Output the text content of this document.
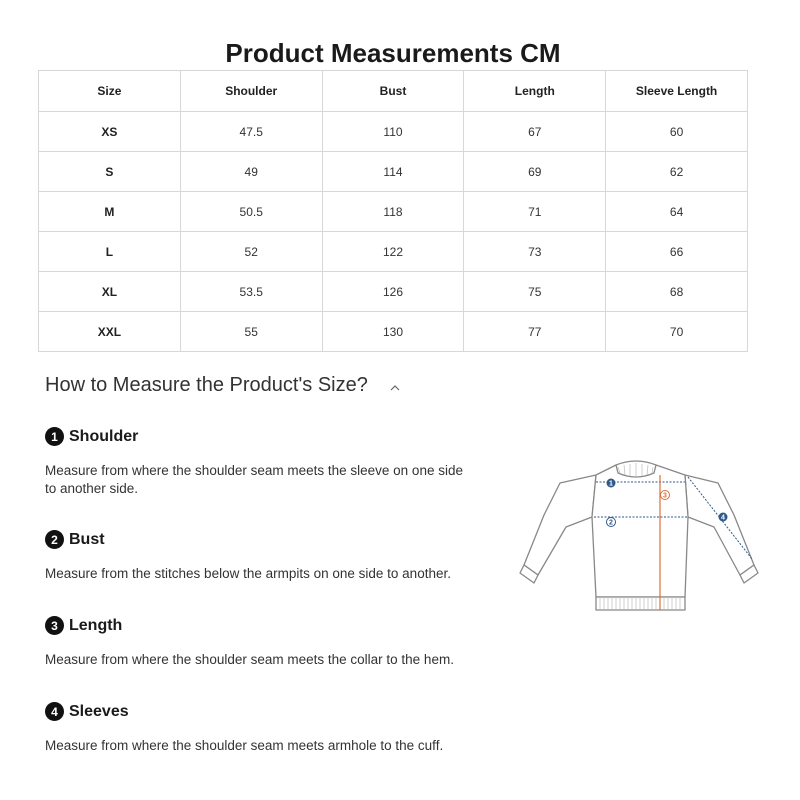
Product Measurements CM
Size	Shoulder	Bust	Length	Sleeve Length
XS	47.5	110	67	60
S	49	114	69	62
M	50.5	118	71	64
L	52	122	73	66
XL	53.5	126	75	68
XXL	55	130	77	70
How to Measure the Product's Size?
1 Shoulder
Measure from where the shoulder seam meets the sleeve on one side to another side.
2 Bust
Measure from the stitches below the armpits on one side to another.
3 Length
Measure from where the shoulder seam meets the collar to the hem.
4 Sleeves
Measure from where the shoulder seam meets armhole to the cuff.
1
2
3
4
